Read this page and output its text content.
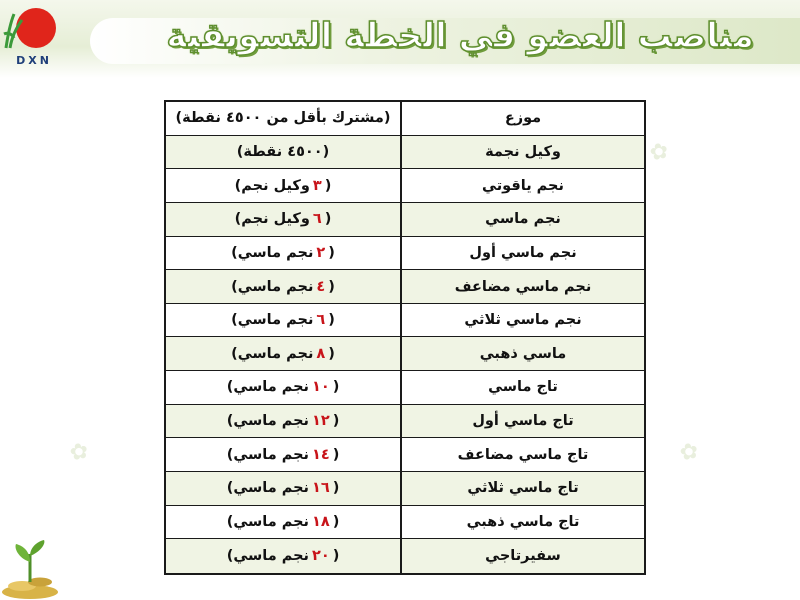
✿
✿
✿
DXN
مناصب العضو في الخطة التسويقية
موزع
وكيل نجمة
نجم ياقوتي
نجم ماسي
نجم ماسي أول
نجم ماسي مضاعف
نجم ماسي ثلاثي
ماسي ذهبي
تاج ماسي
تاج ماسي أول
تاج ماسي مضاعف
تاج ماسي ثلاثي
تاج ماسي ذهبي
سفيرتاجي
(مشترك بأقل من ٤٥٠٠ نقطة)
(٤٥٠٠ نقطة)
(
٣
وكيل نجم)
(
٦
وكيل نجم)
(
٢
نجم ماسي)
(
٤
نجم ماسي)
(
٦
نجم ماسي)
(
٨
نجم ماسي)
(
١٠
نجم ماسي)
(
١٢
نجم ماسي)
(
١٤
نجم ماسي)
(
١٦
نجم ماسي)
(
١٨
نجم ماسي)
(
٢٠
نجم ماسي)
